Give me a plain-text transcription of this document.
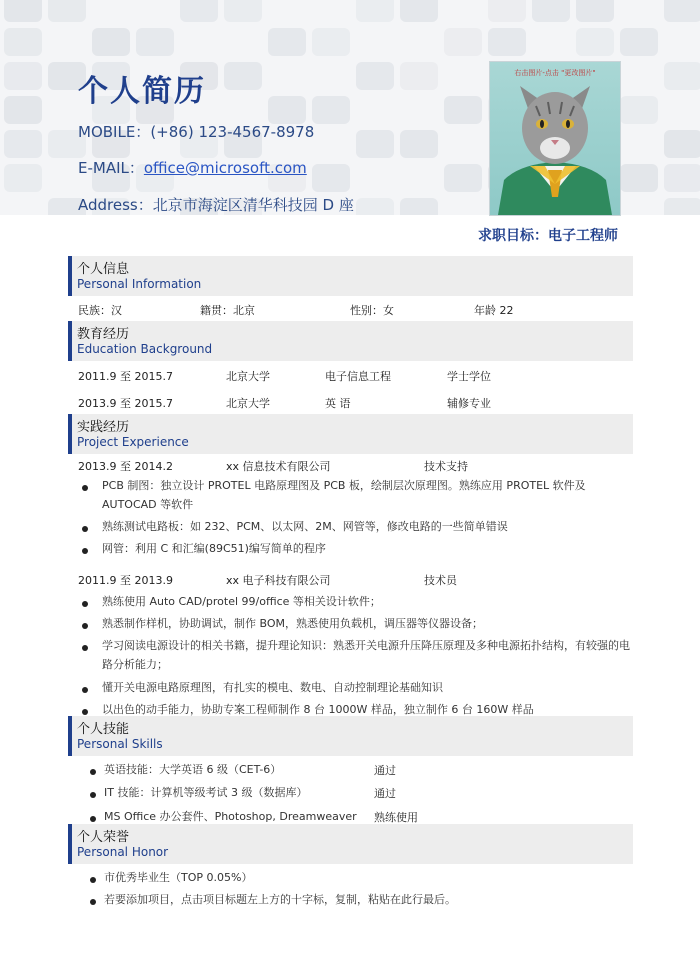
个人简历
MOBILE：(+86) 123-4567-8978
E-MAIL：office@microsoft.com
Address：北京市海淀区清华科技园 D 座
右击图片-点击 "更改图片"
求职目标：电子工程师
个人信息
Personal Information
民族：汉	籍贯：北京	性别：女	年龄 22
教育经历
Education Background
2011.9 至 2015.7	北京大学	电子信息工程	学士学位
2013.9 至 2015.7	北京大学	英 语	辅修专业
实践经历
Project Experience
2013.9 至 2014.2	xx 信息技术有限公司	技术支持
PCB 制图：独立设计 PROTEL 电路原理图及 PCB 板，绘制层次原理图。熟练应用 PROTEL 软件及 AUTOCAD 等软件
熟练测试电路板：如 232、PCM、以太网、2M、网管等，修改电路的一些简单错误
网管：利用 C 和汇编(89C51)编写简单的程序
2011.9 至 2013.9	xx 电子科技有限公司	技术员
熟练使用 Auto CAD/protel 99/office 等相关设计软件；
熟悉制作样机，协助调试，制作 BOM，熟悉使用负载机，调压器等仪器设备；
学习阅读电源设计的相关书籍，提升理论知识：熟悉开关电源升压降压原理及多种电源拓扑结构，有较强的电路分析能力；
懂开关电源电路原理图，有扎实的模电、数电、自动控制理论基础知识
以出色的动手能力，协助专案工程师制作 8 台 1000W 样品，独立制作 6 台 160W 样品
个人技能
Personal Skills
英语技能：大学英语 6 级（CET-6）	通过
IT 技能：计算机等级考试 3 级（数据库）	通过
MS Office 办公套件、Photoshop, Dreamweaver 熟练使用
个人荣誉
Personal Honor
市优秀毕业生（TOP 0.05%）
若要添加项目，点击项目标题左上方的十字标，复制，粘贴在此行最后。
